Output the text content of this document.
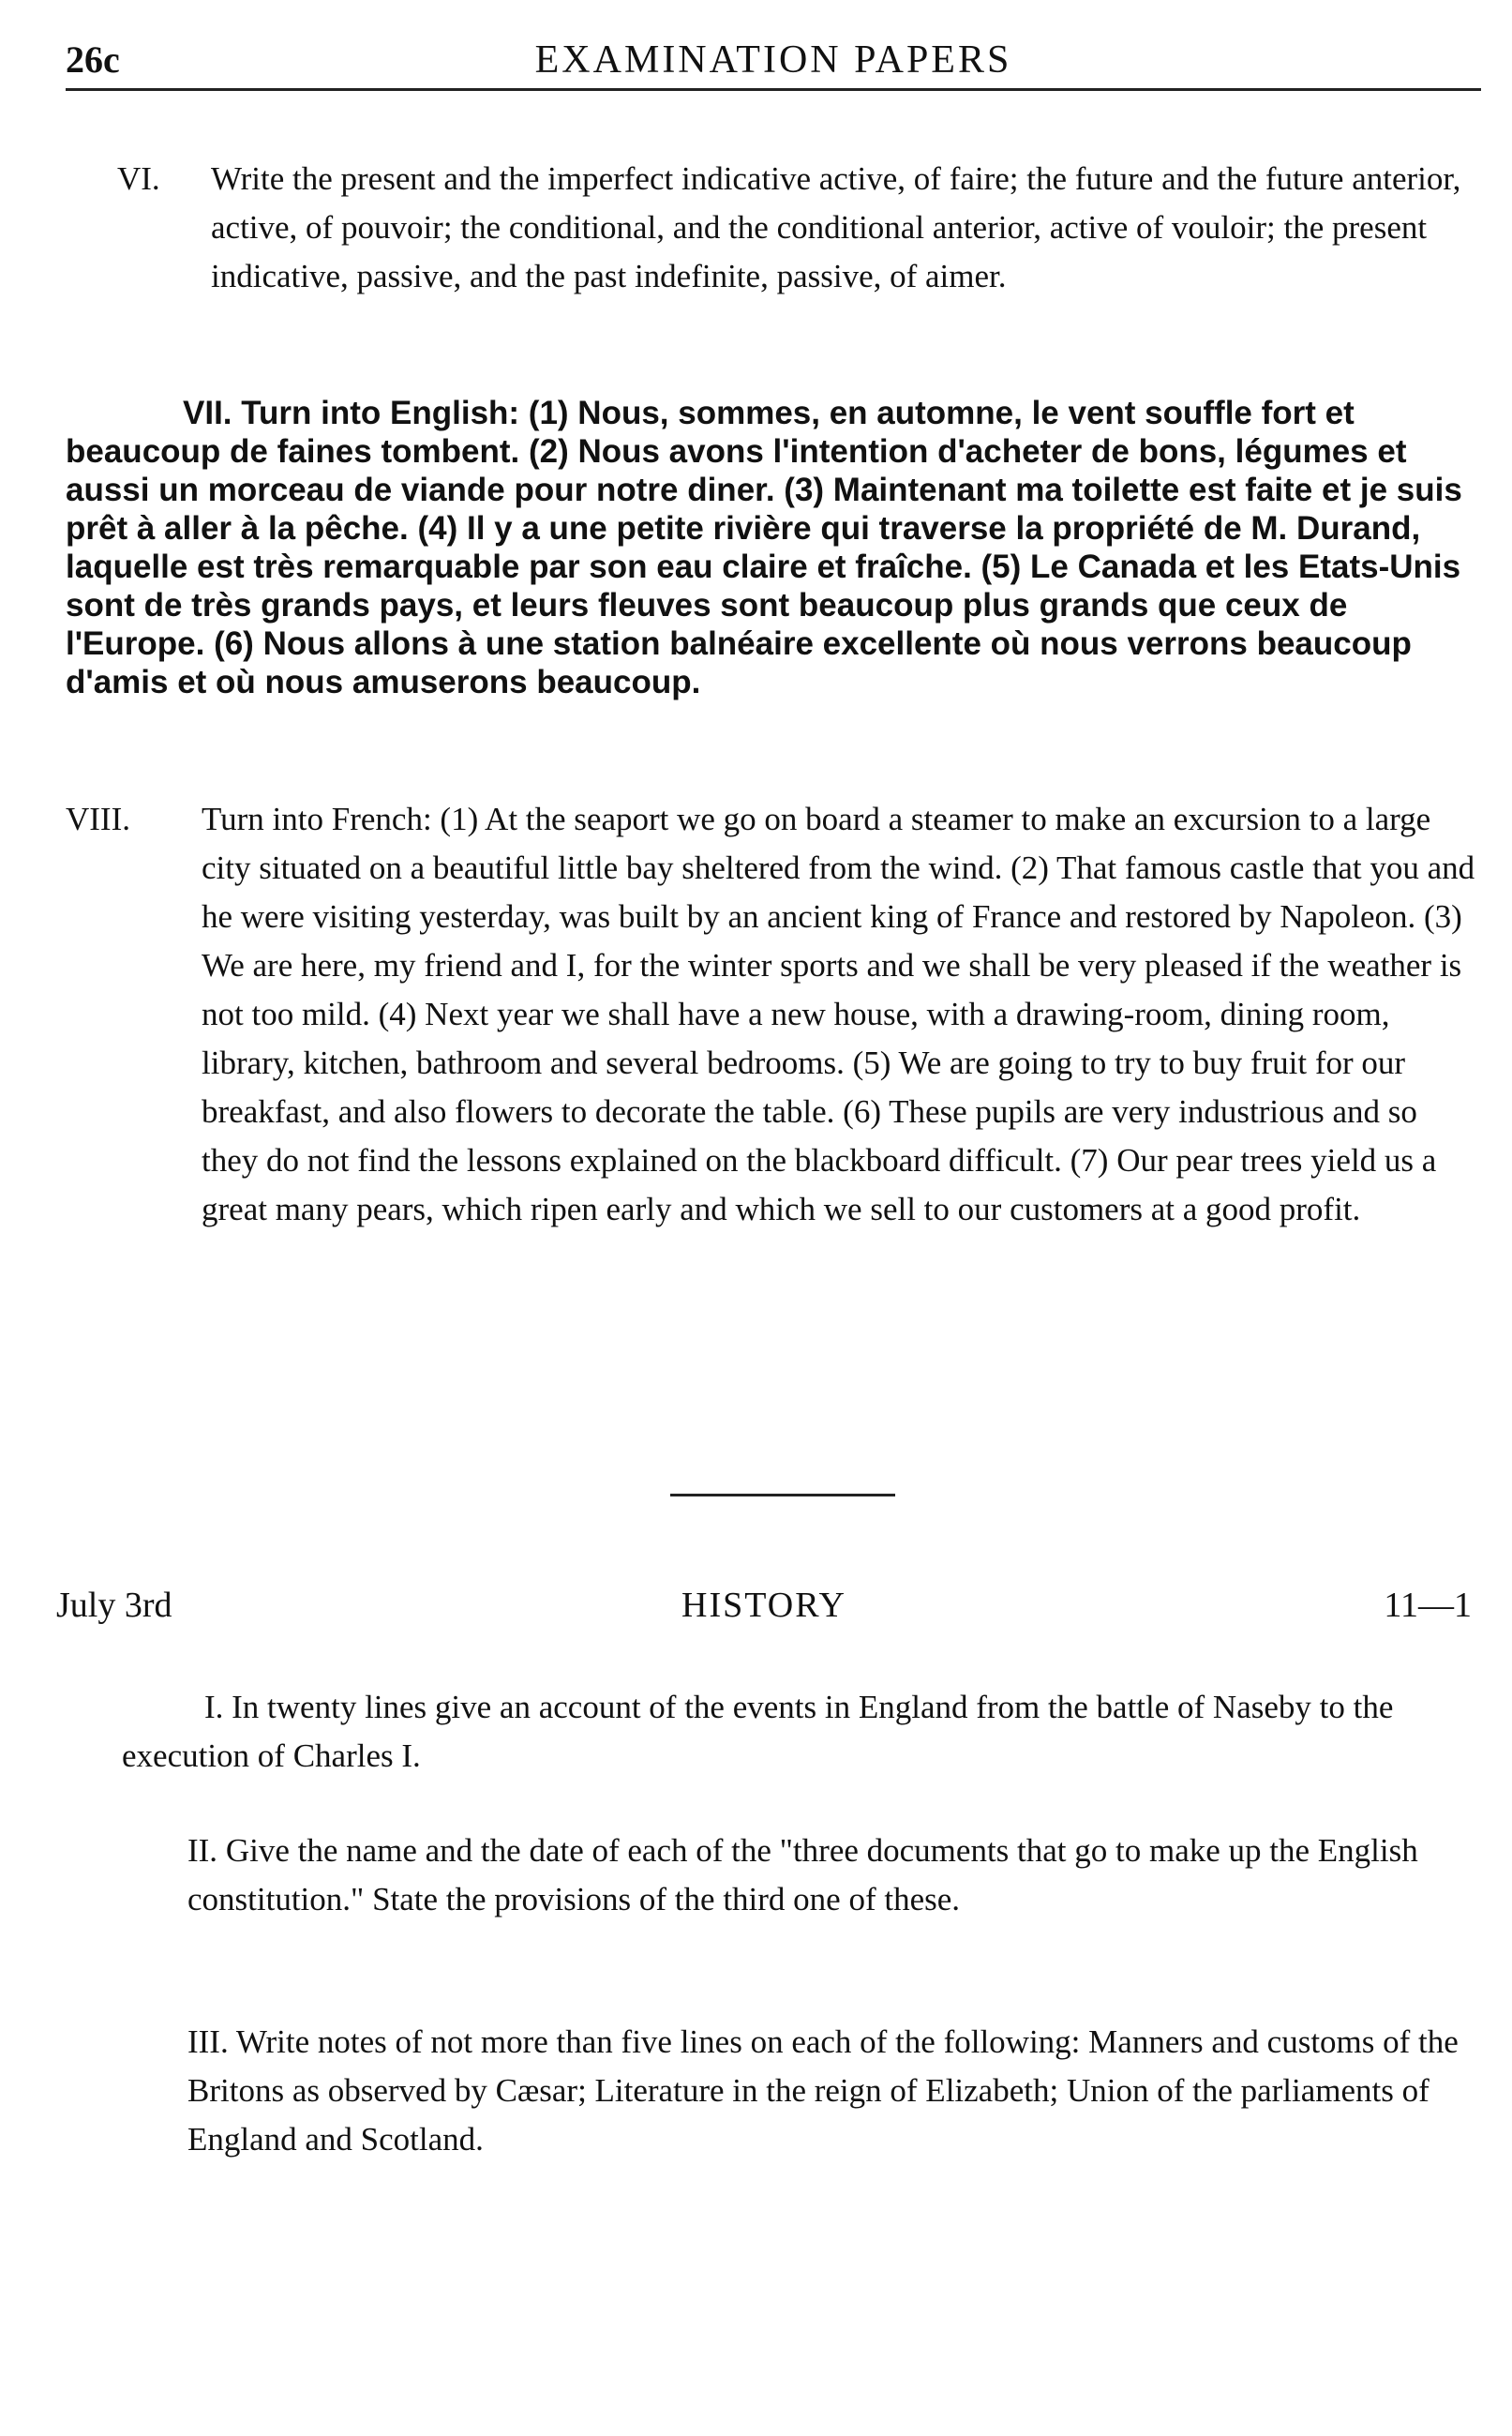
26c	EXAMINATION PAPERS
VI. Write the present and the imperfect indicative active, of faire; the future and the future anterior, active, of pouvoir; the conditional, and the conditional anterior, active of vouloir; the present indicative, passive, and the past indefinite, passive, of aimer.
VII. Turn into English: (1) Nous, sommes, en automne, le vent souffle fort et beaucoup de faines tombent. (2) Nous avons l'intention d'acheter de bons, légumes et aussi un morceau de viande pour notre diner. (3) Maintenant ma toilette est faite et je suis prêt à aller à la pêche. (4) Il y a une petite rivière qui traverse la propriété de M. Durand, laquelle est très remarquable par son eau claire et fraîche. (5) Le Canada et les Etats-Unis sont de très grands pays, et leurs fleuves sont beaucoup plus grands que ceux de l'Europe. (6) Nous allons à une station balnéaire excellente où nous verrons beaucoup d'amis et où nous amuserons beaucoup.
VIII. Turn into French: (1) At the seaport we go on board a steamer to make an excursion to a large city situated on a beautiful little bay sheltered from the wind. (2) That famous castle that you and he were visiting yesterday, was built by an ancient king of France and restored by Napoleon. (3) We are here, my friend and I, for the winter sports and we shall be very pleased if the weather is not too mild. (4) Next year we shall have a new house, with a drawing-room, dining room, library, kitchen, bathroom and several bedrooms. (5) We are going to try to buy fruit for our breakfast, and also flowers to decorate the table. (6) These pupils are very industrious and so they do not find the lessons explained on the blackboard difficult. (7) Our pear trees yield us a great many pears, which ripen early and which we sell to our customers at a good profit.
July 3rd	HISTORY	11—1
I. In twenty lines give an account of the events in England from the battle of Naseby to the execution of Charles I.
II. Give the name and the date of each of the "three documents that go to make up the English constitution." State the provisions of the third one of these.
III. Write notes of not more than five lines on each of the following: Manners and customs of the Britons as observed by Cæsar; Literature in the reign of Elizabeth; Union of the parliaments of England and Scotland.
